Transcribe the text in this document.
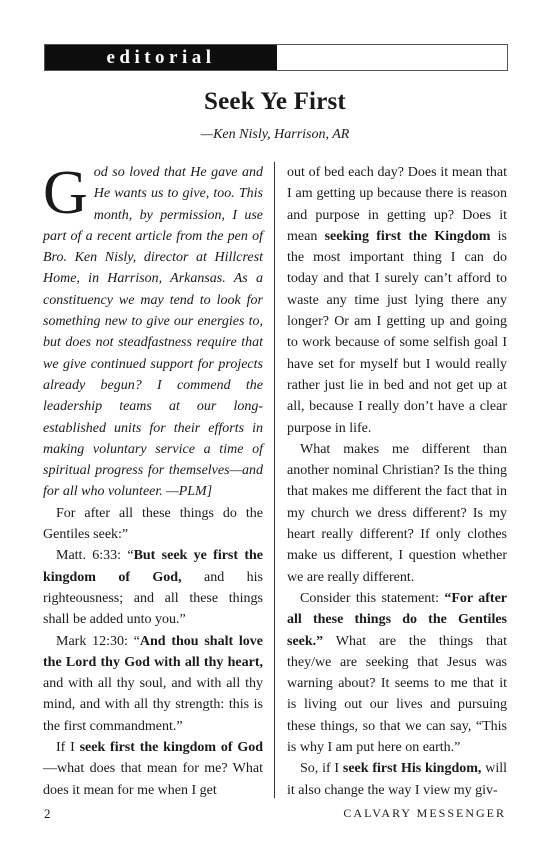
editorial
Seek Ye First
—Ken Nisly, Harrison, AR

God so loved that He gave and He wants us to give, too. This month, by permission, I use part of a recent article from the pen of Bro. Ken Nisly, director at Hillcrest Home, in Harrison, Arkansas. As a constituency we may tend to look for something new to give our energies to, but does not steadfastness require that we give continued support for projects already begun? I commend the leadership teams at our long-established units for their efforts in making voluntary service a time of spiritual progress for themselves—and for all who volunteer. —PLM]

For after all these things do the Gentiles seek:”

Matt. 6:33: “But seek ye first the kingdom of God, and his righteousness; and all these things shall be added unto you.”

Mark 12:30: “And thou shalt love the Lord thy God with all thy heart, and with all thy soul, and with all thy mind, and with all thy strength: this is the first commandment.”

If I seek first the kingdom of God—what does that mean for me? What does it mean for me when I get

out of bed each day? Does it mean that I am getting up because there is reason and purpose in getting up? Does it mean seeking first the Kingdom is the most important thing I can do today and that I surely can’t afford to waste any time just lying there any longer? Or am I getting up and going to work because of some selfish goal I have set for myself but I would really rather just lie in bed and not get up at all, because I really don’t have a clear purpose in life.

What makes me different than another nominal Christian? Is the thing that makes me different the fact that in my church we dress different? Is my heart really different? If only clothes make us different, I question whether we are really different.

Consider this statement: “For after all these things do the Gentiles seek.” What are the things that they/we are seeking that Jesus was warning about? It seems to me that it is living out our lives and pursuing these things, so that we can say, “This is why I am put here on earth.”

So, if I seek first His kingdom, will it also change the way I view my giv-

2	CALVARY MESSENGER
